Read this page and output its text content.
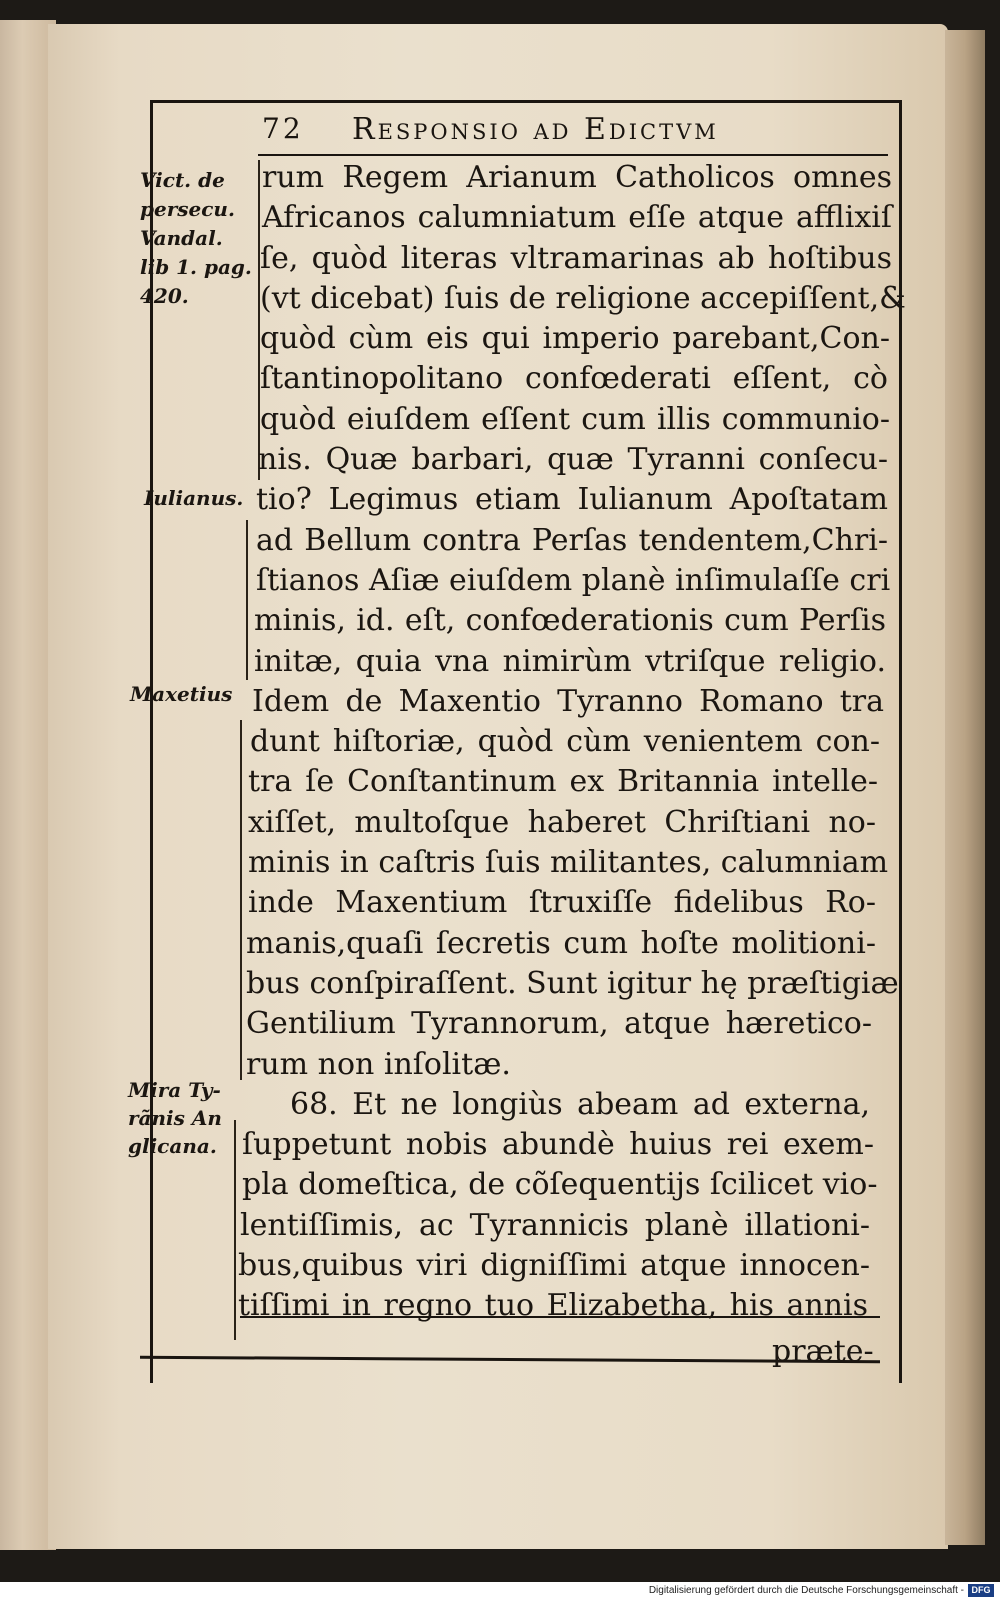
72 Responsio ad Edictvm
Vict. de
persecu.
Vandal.
lib 1. pag.
420.
Iulianus.
Maxetius
Mira Ty-
rãnis An
glicana.
rum Regem Arianum Catholicos omnes
Africanos calumniatum eſſe atque afflixiſ
ſe, quòd literas vltramarinas ab hoſtibus
(vt dicebat) ſuis de religione accepiſſent,&
quòd cùm eis qui imperio parebant,Con-
ſtantinopolitano confœderati eſſent, cò
quòd eiuſdem eſſent cum illis communio-
nis. Quæ barbari, quæ Tyranni conſecu-
tio? Legimus etiam Iulianum Apoſtatam
ad Bellum contra Perſas tendentem,Chri-
ſtianos Aſiæ eiuſdem planè inſimulaſſe cri
minis, id. eſt, confœderationis cum Perſis
initæ, quia vna nimirùm vtriſque religio.
Idem de Maxentio Tyranno Romano tra
dunt hiſtoriæ, quòd cùm venientem con-
tra ſe Conſtantinum ex Britannia intelle-
xiſſet, multoſque haberet Chriſtiani no-
minis in caſtris ſuis militantes, calumniam
inde Maxentium ſtruxiſſe fidelibus Ro-
manis,quaſi ſecretis cum hoſte molitioni-
bus conſpiraſſent. Sunt igitur hę præſtigiæ
Gentilium Tyrannorum, atque hæretico-
rum non inſolitæ.
68. Et ne longiùs abeam ad externa,
ſuppetunt nobis abundè huius rei exem-
pla domeſtica, de cõſequentijs ſcilicet vio-
lentiſſimis, ac Tyrannicis planè illationi-
bus,quibus viri digniſſimi atque innocen-
tiſſimi in regno tuo Elizabetha, his annis
præte-
Digitalisierung gefördert durch die Deutsche Forschungsgemeinschaft - DFG
